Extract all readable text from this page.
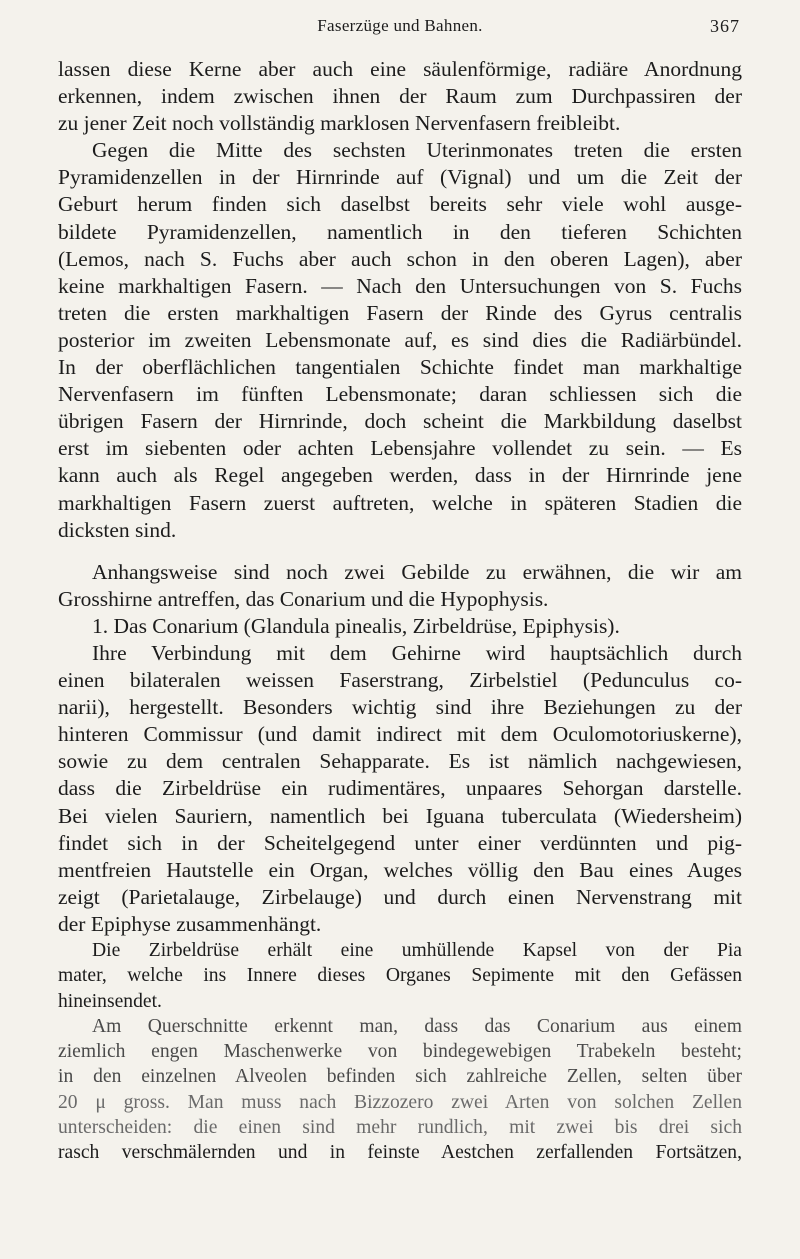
Faserzüge und Bahnen.	367
lassen diese Kerne aber auch eine säulenförmige, radiäre Anordnung
erkennen, indem zwischen ihnen der Raum zum Durchpassiren der
zu jener Zeit noch vollständig marklosen Nervenfasern freibleibt.
Gegen die Mitte des sechsten Uterinmonates treten die ersten
Pyramidenzellen in der Hirnrinde auf (Vignal) und um die Zeit der
Geburt herum finden sich daselbst bereits sehr viele wohl ausge-
bildete Pyramidenzellen, namentlich in den tieferen Schichten
(Lemos, nach S. Fuchs aber auch schon in den oberen Lagen), aber
keine markhaltigen Fasern. — Nach den Untersuchungen von S. Fuchs
treten die ersten markhaltigen Fasern der Rinde des Gyrus centralis
posterior im zweiten Lebensmonate auf, es sind dies die Radiärbündel.
In der oberflächlichen tangentialen Schichte findet man markhaltige
Nervenfasern im fünften Lebensmonate; daran schliessen sich die
übrigen Fasern der Hirnrinde, doch scheint die Markbildung daselbst
erst im siebenten oder achten Lebensjahre vollendet zu sein. — Es
kann auch als Regel angegeben werden, dass in der Hirnrinde jene
markhaltigen Fasern zuerst auftreten, welche in späteren Stadien die
dicksten sind.
Anhangsweise sind noch zwei Gebilde zu erwähnen, die wir am
Grosshirne antreffen, das Conarium und die Hypophysis.
1. Das Conarium (Glandula pinealis, Zirbeldrüse, Epiphysis).
Ihre Verbindung mit dem Gehirne wird hauptsächlich durch
einen bilateralen weissen Faserstrang, Zirbelstiel (Pedunculus co-
narii), hergestellt. Besonders wichtig sind ihre Beziehungen zu der
hinteren Commissur (und damit indirect mit dem Oculomotoriuskerne),
sowie zu dem centralen Sehapparate. Es ist nämlich nachgewiesen,
dass die Zirbeldrüse ein rudimentäres, unpaares Sehorgan darstelle.
Bei vielen Sauriern, namentlich bei Iguana tuberculata (Wiedersheim)
findet sich in der Scheitelgegend unter einer verdünnten und pig-
mentfreien Hautstelle ein Organ, welches völlig den Bau eines Auges
zeigt (Parietalauge, Zirbelauge) und durch einen Nervenstrang mit
der Epiphyse zusammenhängt.
Die Zirbeldrüse erhält eine umhüllende Kapsel von der Pia
mater, welche ins Innere dieses Organes Sepimente mit den Gefässen
hineinsendet.
Am Querschnitte erkennt man, dass das Conarium aus einem
ziemlich engen Maschenwerke von bindegewebigen Trabekeln besteht;
in den einzelnen Alveolen befinden sich zahlreiche Zellen, selten über
20 μ gross. Man muss nach Bizzozero zwei Arten von solchen Zellen
unterscheiden: die einen sind mehr rundlich, mit zwei bis drei sich
rasch verschmälernden und in feinste Aestchen zerfallenden Fortsätzen,
